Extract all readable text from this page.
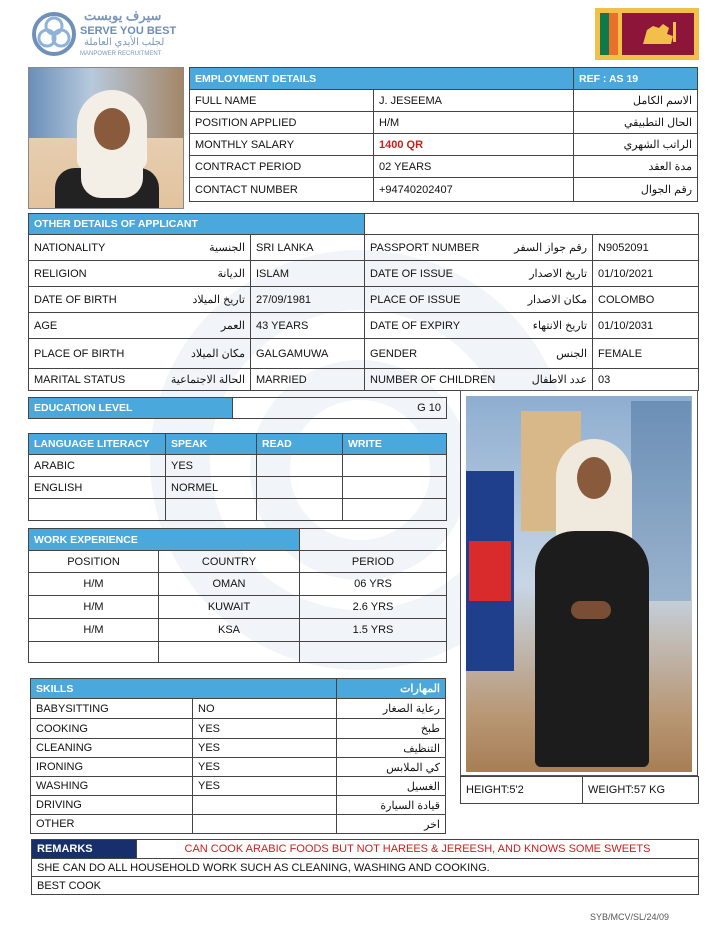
سيرف يوبست
SERVE YOU BEST
لجلب الأيدي العاملة
MANPOWER RECRUITMENT
EMPLOYMENT DETAILS		REF : AS 19
FULL NAME	J. JESEEMA	الاسم الكامل
POSITION APPLIED	H/M	الحال التطبيقي
MONTHLY SALARY	1400 QR	الراتب الشهري
CONTRACT PERIOD	02 YEARS	مدة العقد
CONTACT NUMBER	+94740202407	رقم الجوال
OTHER DETAILS OF APPLICANT			

NATIONALITY الجنسية	SRI LANKA	PASSPORT NUMBER رقم جواز السفر	N9052091

RELIGION الديانة	ISLAM	DATE OF ISSUE تاريخ الاصدار	01/10/2021

DATE OF BIRTH تاريخ الميلاد	27/09/1981	PLACE OF ISSUE مكان الاصدار	COLOMBO

AGE العمر	43 YEARS	DATE OF EXPIRY تاريخ الانتهاء	01/10/2031

PLACE OF BIRTH مكان الميلاد	GALGAMUWA	GENDER الجنس	FEMALE

MARITAL STATUS الحالة الاجتماعية	MARRIED	NUMBER OF CHILDREN عدد الاطفال	03
EDUCATION LEVEL	G 10
LANGUAGE LITERACY	SPEAK	READ	WRITE
ARABIC	YES		
ENGLISH	NORMEL		

WORK EXPERIENCE		
POSITION	COUNTRY	PERIOD
H/M	OMAN	06 YRS
H/M	KUWAIT	2.6 YRS
H/M	KSA	1.5 YRS

SKILLS		المهارات
BABYSITTING	NO	رعاية الصغار
COOKING	YES	طبخ
CLEANING	YES	التنظيف
IRONING	YES	كي الملابس
WASHING	YES	الغسيل
DRIVING		قيادة السيارة
OTHER		اخر
HEIGHT:5'2	WEIGHT:57 KG
REMARKS	CAN COOK ARABIC FOODS BUT NOT HAREES & JEREESH, AND KNOWS SOME SWEETS
SHE CAN DO ALL HOUSEHOLD WORK SUCH AS CLEANING, WASHING AND COOKING.
BEST COOK
SYB/MCV/SL/24/09
